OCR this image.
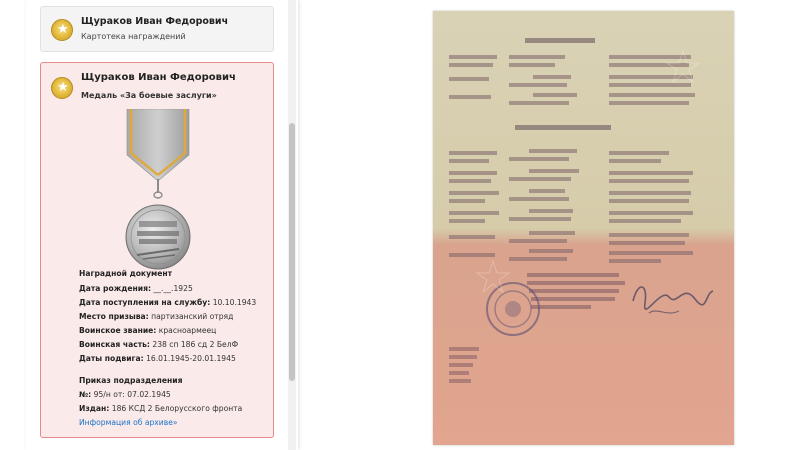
★
Щураков Иван Федорович
Картотека награждений
★
Щураков Иван Федорович
Медаль «За боевые заслуги»
Наградной документ
Дата рождения: __.__.1925
Дата поступления на службу: 10.10.1943
Место призыва: партизанский отряд
Воинское звание: красноармеец
Воинская часть: 238 сп 186 сд 2 БелФ
Даты подвига: 16.01.1945-20.01.1945
Приказ подразделения
№: 95/н от: 07.02.1945
Издан: 186 КСД 2 Белорусского фронта
Информация об архиве»
